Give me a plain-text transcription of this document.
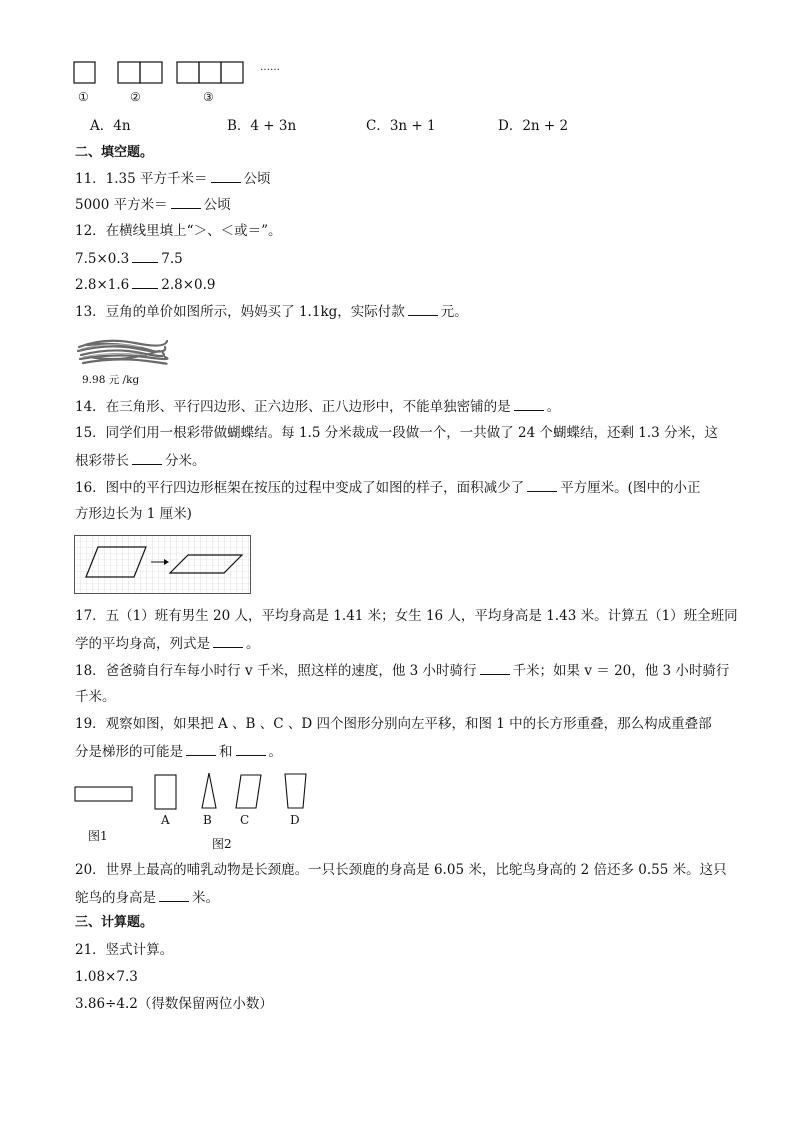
①	②	③
……
A．4n	B．4 + 3n	C．3n + 1	D．2n + 2
二、填空题。
11．1.35 平方千米＝	公顷
5000 平方米＝	公顷
12．在横线里填上“＞、＜或＝”。
7.5×0.3 7.5
2.8×1.6 2.8×0.9
13．豆角的单价如图所示，妈妈买了 1.1kg，实际付款	元。
9.98 元 /kg
14．在三角形、平行四边形、正六边形、正八边形中，不能单独密铺的是	。
15．同学们用一根彩带做蝴蝶结。每 1.5 分米裁成一段做一个，一共做了 24 个蝴蝶结，还剩 1.3 分米，这
根彩带长	分米。
16．图中的平行四边形框架在按压的过程中变成了如图的样子，面积减少了	平方厘米。(图中的小正
方形边长为 1 厘米)
17．五（1）班有男生 20 人，平均身高是 1.41 米；女生 16 人，平均身高是 1.43 米。计算五（1）班全班同
学的平均身高，列式是	。
18．爸爸骑自行车每小时行 v 千米，照这样的速度，他 3 小时骑行	千米；如果 v ＝ 20，他 3 小时骑行
千米。
19．观察如图，如果把 A 、B 、C 、D 四个图形分别向左平移，和图 1 中的长方形重叠，那么构成重叠部
分是梯形的可能是	和	。
A	B C	D
图1
图2
20．世界上最高的哺乳动物是长颈鹿。一只长颈鹿的身高是 6.05 米，比鸵鸟身高的 2 倍还多 0.55 米。这只
鸵鸟的身高是	米。
三、计算题。
21．竖式计算。
1.08×7.3
3.86÷4.2（得数保留两位小数）
